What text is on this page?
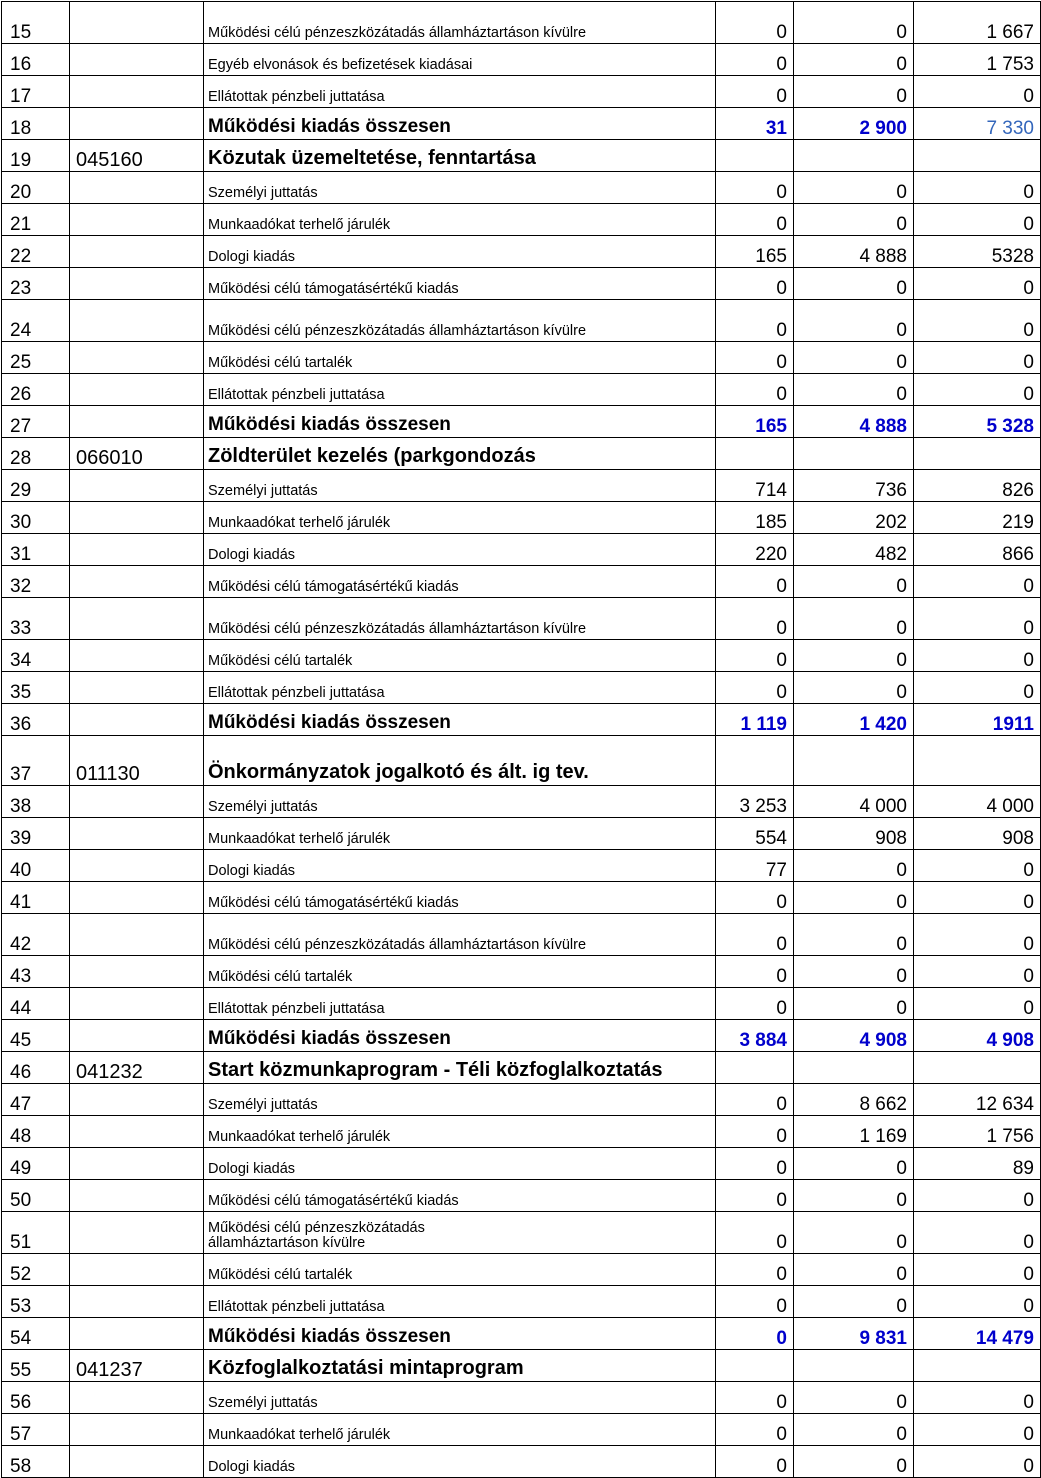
15		Működési célú pénzeszközátadás államháztartáson kívülre	0	0	1 667
16		Egyéb elvonások és befizetések kiadásai	0	0	1 753
17		Ellátottak pénzbeli juttatása	0	0	0
18		Működési kiadás összesen	31	2 900	7 330
19	045160	Közutak üzemeltetése, fenntartása			
20		Személyi juttatás	0	0	0
21		Munkaadókat terhelő járulék	0	0	0
22		Dologi kiadás	165	4 888	5328
23		Működési célú támogatásértékű kiadás	0	0	0
24		Működési célú pénzeszközátadás államháztartáson kívülre	0	0	0
25		Működési célú tartalék	0	0	0
26		Ellátottak pénzbeli juttatása	0	0	0
27		Működési kiadás összesen	165	4 888	5 328
28	066010	Zöldterület kezelés (parkgondozás			
29		Személyi juttatás	714	736	826
30		Munkaadókat terhelő járulék	185	202	219
31		Dologi kiadás	220	482	866
32		Működési célú támogatásértékű kiadás	0	0	0
33		Működési célú pénzeszközátadás államháztartáson kívülre	0	0	0
34		Működési célú tartalék	0	0	0
35		Ellátottak pénzbeli juttatása	0	0	0
36		Működési kiadás összesen	1 119	1 420	1911
37	011130	Önkormányzatok jogalkotó és ált. ig tev.			
38		Személyi juttatás	3 253	4 000	4 000
39		Munkaadókat terhelő járulék	554	908	908
40		Dologi kiadás	77	0	0
41		Működési célú támogatásértékű kiadás	0	0	0
42		Működési célú pénzeszközátadás államháztartáson kívülre	0	0	0
43		Működési célú tartalék	0	0	0
44		Ellátottak pénzbeli juttatása	0	0	0
45		Működési kiadás összesen	3 884	4 908	4 908
46	041232	Start közmunkaprogram - Téli közfoglalkoztatás			
47		Személyi juttatás	0	8 662	12 634
48		Munkaadókat terhelő járulék	0	1 169	1 756
49		Dologi kiadás	0	0	89
50		Működési célú támogatásértékű kiadás	0	0	0
51		Működési célú pénzeszközátadás államháztartáson kívülre	0	0	0
52		Működési célú tartalék	0	0	0
53		Ellátottak pénzbeli juttatása	0	0	0
54		Működési kiadás összesen	0	9 831	14 479
55	041237	Közfoglalkoztatási mintaprogram			
56		Személyi juttatás	0	0	0
57		Munkaadókat terhelő járulék	0	0	0
58		Dologi kiadás	0	0	0
